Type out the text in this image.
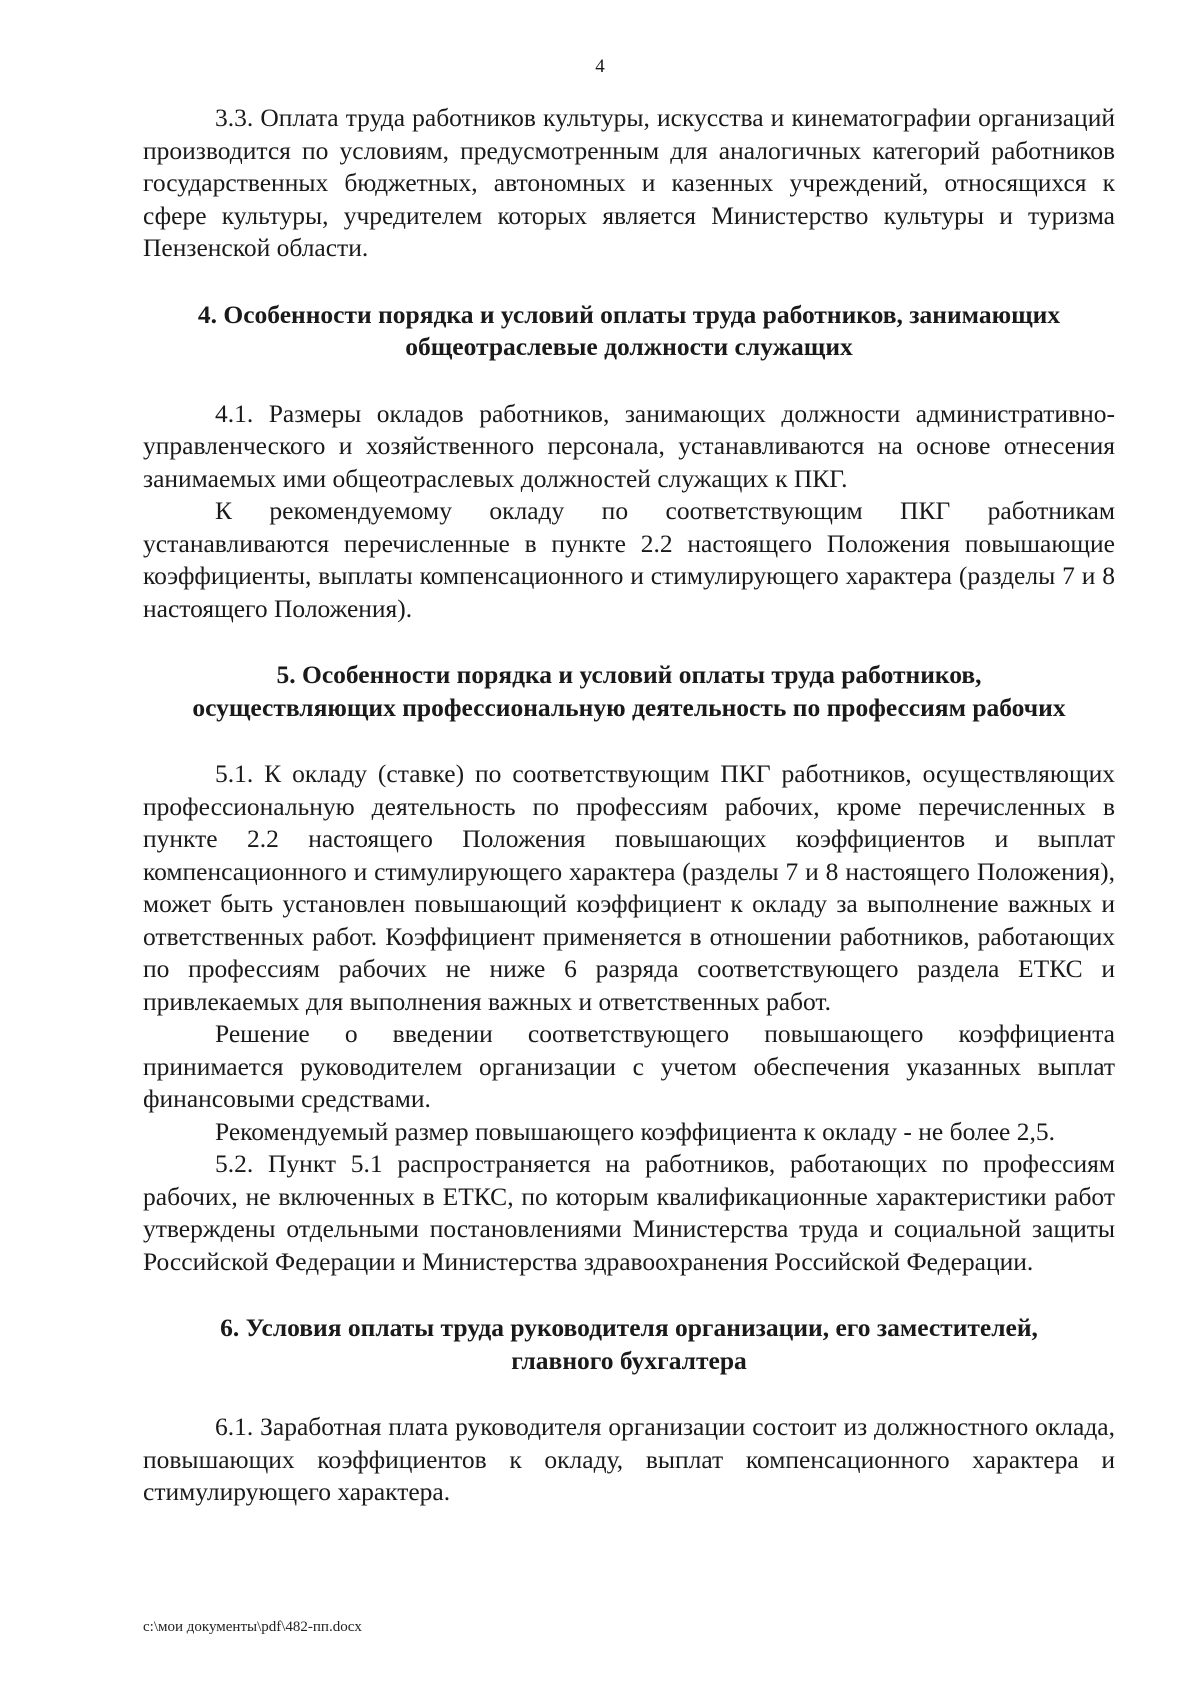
4

3.3. Оплата труда работников культуры, искусства и кинематографии организаций производится по условиям, предусмотренным для аналогичных категорий работников государственных бюджетных, автономных и казенных учреждений, относящихся к сфере культуры, учредителем которых является Министерство культуры и туризма Пензенской области.

4. Особенности порядка и условий оплаты труда работников, занимающих общеотраслевые должности служащих

4.1. Размеры окладов работников, занимающих должности административно-управленческого и хозяйственного персонала, устанавливаются на основе отнесения занимаемых ими общеотраслевых должностей служащих к ПКГ.

К рекомендуемому окладу по соответствующим ПКГ работникам устанавливаются перечисленные в пункте 2.2 настоящего Положения повышающие коэффициенты, выплаты компенсационного и стимулирующего характера (разделы 7 и 8 настоящего Положения).

5. Особенности порядка и условий оплаты труда работников, осуществляющих профессиональную деятельность по профессиям рабочих

5.1. К окладу (ставке) по соответствующим ПКГ работников, осуществляющих профессиональную деятельность по профессиям рабочих, кроме перечисленных в пункте 2.2 настоящего Положения повышающих коэффициентов и выплат компенсационного и стимулирующего характера (разделы 7 и 8 настоящего Положения), может быть установлен повышающий коэффициент к окладу за выполнение важных и ответственных работ. Коэффициент применяется в отношении работников, работающих по профессиям рабочих не ниже 6 разряда соответствующего раздела ЕТКС и привлекаемых для выполнения важных и ответственных работ.

Решение о введении соответствующего повышающего коэффициента принимается руководителем организации с учетом обеспечения указанных выплат финансовыми средствами.

Рекомендуемый размер повышающего коэффициента к окладу - не более 2,5.

5.2. Пункт 5.1 распространяется на работников, работающих по профессиям рабочих, не включенных в ЕТКС, по которым квалификационные характеристики работ утверждены отдельными постановлениями Министерства труда и социальной защиты Российской Федерации и Министерства здравоохранения Российской Федерации.

6. Условия оплаты труда руководителя организации, его заместителей, главного бухгалтера

6.1. Заработная плата руководителя организации состоит из должностного оклада, повышающих коэффициентов к окладу, выплат компенсационного характера и стимулирующего характера.

c:\мои документы\pdf\482-пп.docx
